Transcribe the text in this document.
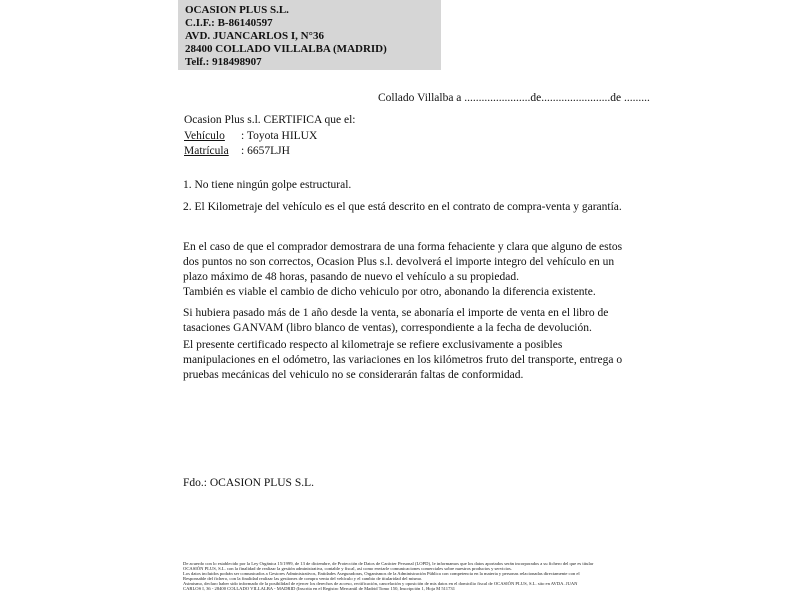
OCASION PLUS S.L.
C.I.F.: B-86140597
AVD. JUANCARLOS I, N°36
28400 COLLADO VILLALBA (MADRID)
Telf.: 918498907
Collado Villalba a .......................de........................de .........
Ocasion Plus s.l. CERTIFICA que el:
Vehículo : Toyota HILUX
Matrícula : 6657LJH
1. No tiene ningún golpe estructural.
2. El Kilometraje del vehículo es el que está descrito en el contrato de compra-venta y garantía.
En el caso de que el comprador demostrara de una forma fehaciente y clara que alguno de estos dos puntos no son correctos, Ocasion Plus s.l. devolverá el importe integro del vehículo en un plazo máximo de 48 horas, pasando de nuevo el vehículo a su propiedad.
También es viable el cambio de dicho vehiculo por otro, abonando la diferencia existente.
Si hubiera pasado más de 1 año desde la venta, se abonaría el importe de venta en el libro de tasaciones GANVAM (libro blanco de ventas), correspondiente a la fecha de devolución.
El presente certificado respecto al kilometraje se refiere exclusivamente a posibles manipulaciones en el odómetro, las variaciones en los kilómetros fruto del transporte, entrega o pruebas mecánicas del vehiculo no se considerarán faltas de conformidad.
Fdo.: OCASION PLUS S.L.
De acuerdo con lo establecido por la Ley Orgánica 15/1999, de 13 de diciembre, de Protección de Datos de Carácter Personal (LOPD), le informamos que los datos aportados serán incorporados a su fichero del que es titular
OCASIÓN PLUS, S.L. con la finalidad de realizar la gestión administrativa, contable y fiscal, así como enviarle comunicaciones comerciales sobre nuestros productos y servicios.
Los datos incluidos podrán ser comunicados a Gestores Administrativos, Entidades Aseguradoras, Organismos de la Administración Pública con competencia en la materia y personas relacionadas directamente con el
Responsable del fichero, con la finalidad realizar las gestiones de compra venta del vehículo y el cambio de titularidad del mismo.
Asimismo, declaro haber sido informado de la posibilidad de ejercer los derechos de acceso, rectificación, cancelación y oposición de mis datos en el domicilio fiscal de OCASIÓN PLUS, S.L. sito en AVDA. JUAN
CARLOS I, 36 - 28400 COLLADO VILLALBA - MADRID (Inscrita en el Registro Mercantil de Madrid Tomo 150, Inscripción 1, Hoja M 511731
